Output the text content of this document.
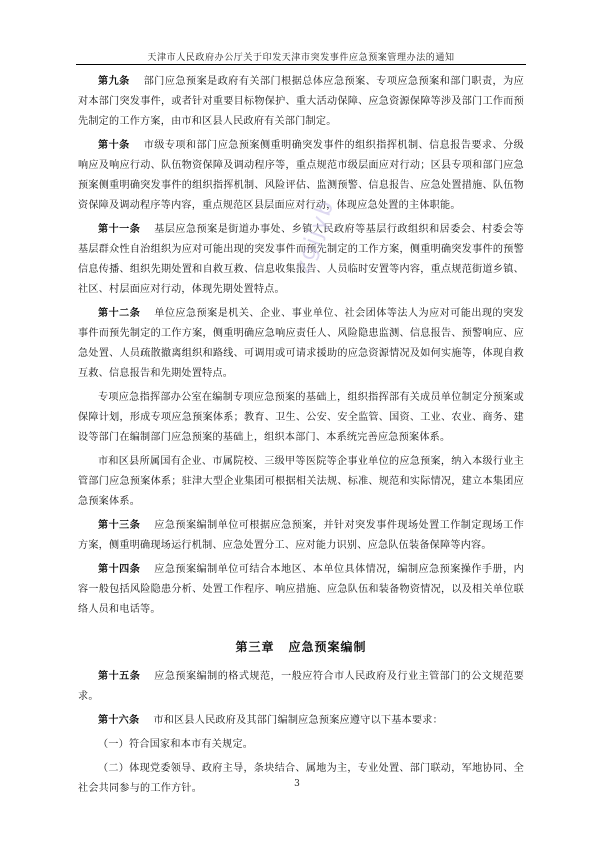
天津市人民政府办公厅关于印发天津市突发事件应急预案管理办法的通知

第九条 部门应急预案是政府有关部门根据总体应急预案、专项应急预案和部门职责，为应对本部门突发事件，或者针对重要目标物保护、重大活动保障、应急资源保障等涉及部门工作而预先制定的工作方案，由市和区县人民政府有关部门制定。

第十条 市级专项和部门应急预案侧重明确突发事件的组织指挥机制、信息报告要求、分级响应及响应行动、队伍物资保障及调动程序等，重点规范市级层面应对行动；区县专项和部门应急预案侧重明确突发事件的组织指挥机制、风险评估、监测预警、信息报告、应急处置措施、队伍物资保障及调动程序等内容，重点规范区县层面应对行动，体现应急处置的主体职能。

第十一条 基层应急预案是街道办事处、乡镇人民政府等基层行政组织和居委会、村委会等基层群众性自治组织为应对可能出现的突发事件而预先制定的工作方案，侧重明确突发事件的预警信息传播、组织先期处置和自救互救、信息收集报告、人员临时安置等内容，重点规范街道乡镇、社区、村层面应对行动，体现先期处置特点。

第十二条 单位应急预案是机关、企业、事业单位、社会团体等法人为应对可能出现的突发事件而预先制定的工作方案，侧重明确应急响应责任人、风险隐患监测、信息报告、预警响应、应急处置、人员疏散撤离组织和路线、可调用或可请求援助的应急资源情况及如何实施等，体现自救互救、信息报告和先期处置特点。

专项应急指挥部办公室在编制专项应急预案的基础上，组织指挥部有关成员单位制定分预案或保障计划，形成专项应急预案体系；教育、卫生、公安、安全监管、国资、工业、农业、商务、建设等部门在编制部门应急预案的基础上，组织本部门、本系统完善应急预案体系。

市和区县所属国有企业、市属院校、三级甲等医院等企事业单位的应急预案，纳入本级行业主管部门应急预案体系；驻津大型企业集团可根据相关法规、标准、规范和实际情况，建立本集团应急预案体系。

第十三条 应急预案编制单位可根据应急预案，并针对突发事件现场处置工作制定现场工作方案，侧重明确现场运行机制、应急处置分工、应对能力识别、应急队伍装备保障等内容。

第十四条 应急预案编制单位可结合本地区、本单位具体情况，编制应急预案操作手册，内容一般包括风险隐患分析、处置工作程序、响应措施、应急队伍和装备物资情况，以及相关单位联络人员和电话等。

第三章 应急预案编制

第十五条 应急预案编制的格式规范，一般应符合市人民政府及行业主管部门的公文规范要求。

第十六条 市和区县人民政府及其部门编制应急预案应遵守以下基本要求：

（一）符合国家和本市有关规定。

（二）体现党委领导、政府主导，条块结合、属地为主，专业处置、部门联动，军地协同、全社会共同参与的工作方针。

zgjjyb
3
